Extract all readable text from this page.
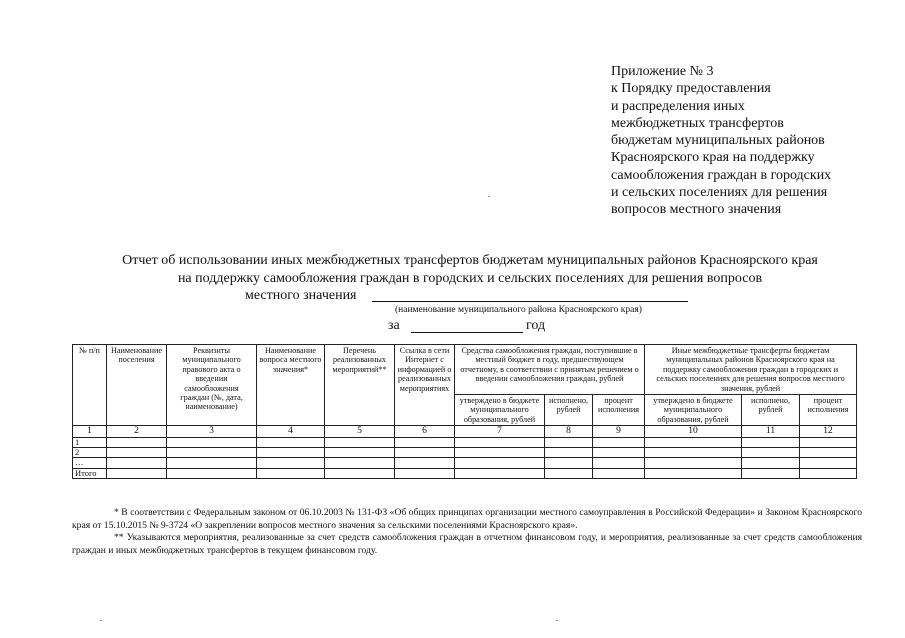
Приложение № 3
к Порядку предоставления
и распределения иных
межбюджетных трансфертов
бюджетам муниципальных районов
Красноярского края на поддержку
самообложения граждан в городских
и сельских поселениях для решения
вопросов местного значения
Отчет об использовании иных межбюджетных трансфертов бюджетам муниципальных районов Красноярского края
на поддержку самообложения граждан в городских и сельских поселениях для решения вопросов
местного значения
(наименование муниципального района Красноярского края)
за	год
№ п/п	Наименование поселения	Реквизиты муниципального правового акта о введении самообложения граждан (№, дата, наименование)	Наименование вопроса местного значения*	Перечень реализованных мероприятий**	Ссылка в сети Интернет с информацией о реализованных мероприятиях	Средства самообложения граждан, поступившие в местный бюджет в году, предшествующем отчетному, в соответствии с принятым решением о введении самообложения граждан, рублей			Иные межбюджетные трансферты бюджетам муниципальных районов Красноярского края на поддержку самообложения граждан в городских и сельских поселениях для решения вопросов местного значения, рублей		
						утверждено в бюджете муниципального образования, рублей	исполнено, рублей	процент исполнения	утверждено в бюджете муниципального образования, рублей	исполнено, рублей	процент исполнения
1	2	3	4	5	6	7	8	9	10	11	12
1											
2											
…											
Итого											
* В соответствии с Федеральным законом от 06.10.2003 № 131-ФЗ «Об общих принципах организации местного самоуправления в Российской Федерации» и Законом Красноярского края от 15.10.2015 № 9-3724 «О закреплении вопросов местного значения за сельскими поселениями Красноярского края».
** Указываются мероприятия, реализованные за счет средств самообложения граждан в отчетном финансовом году, и мероприятия, реализованные за счет средств самообложения граждан и иных межбюджетных трансфертов в текущем финансовом году.
